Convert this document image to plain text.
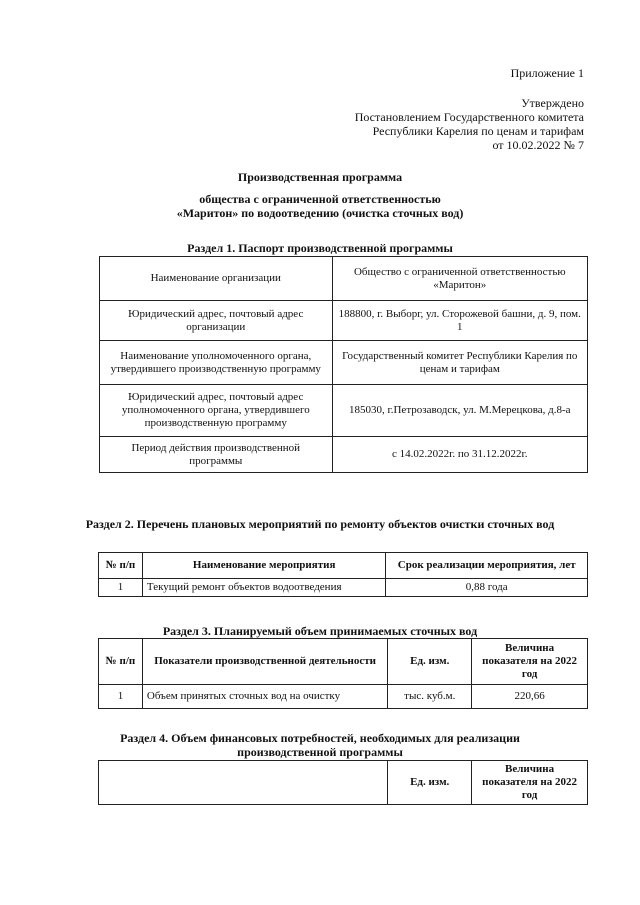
Приложение 1
Утверждено
Постановлением Государственного комитета
Республики Карелия по ценам и тарифам
от 10.02.2022 № 7
Производственная программа
общества с ограниченной ответственностью
«Маритон» по водоотведению (очистка сточных вод)
Раздел 1. Паспорт производственной программы
Наименование организации	Общество с ограниченной ответственностью «Маритон»
Юридический адрес, почтовый адрес организации	188800, г. Выборг, ул. Сторожевой башни, д. 9, пом. 1
Наименование уполномоченного органа, утвердившего производственную программу	Государственный комитет Республики Карелия по ценам и тарифам
Юридический адрес, почтовый адрес уполномоченного органа, утвердившего производственную программу	185030, г.Петрозаводск, ул. М.Мерецкова, д.8-а
Период действия производственной программы	с 14.02.2022г. по 31.12.2022г.
Раздел 2. Перечень плановых мероприятий по ремонту объектов очистки сточных вод
№ п/п	Наименование мероприятия	Срок реализации мероприятия, лет
1	Текущий ремонт объектов водоотведения	0,88 года
Раздел 3. Планируемый объем принимаемых сточных вод
№ п/п	Показатели производственной деятельности	Ед. изм.	Величина показателя на 2022 год
1	Объем принятых сточных вод на очистку	тыс. куб.м.	220,66
Раздел 4. Объем финансовых потребностей, необходимых для реализации
производственной программы
	Ед. изм.	Величина показателя на 2022 год
